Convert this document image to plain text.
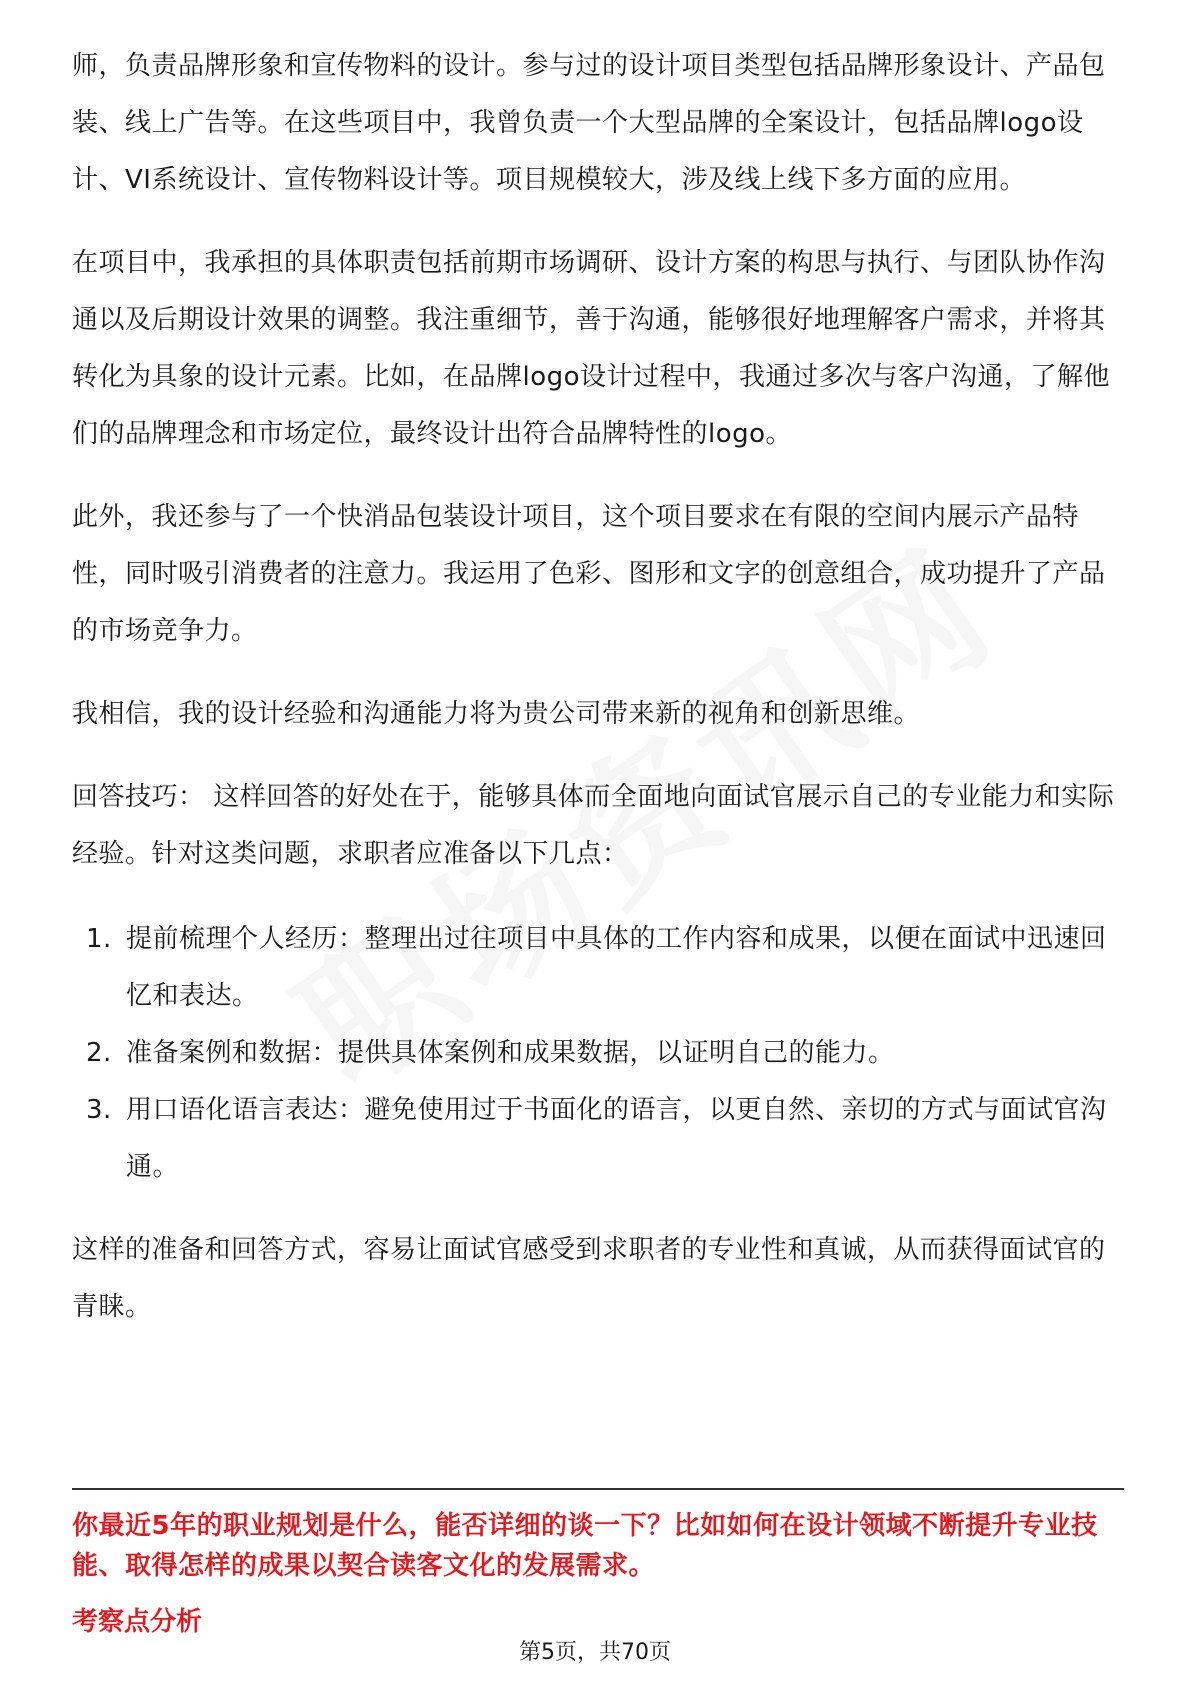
师，负责品牌形象和宣传物料的设计。参与过的设计项目类型包括品牌形象设计、产品包装、线上广告等。在这些项目中，我曾负责一个大型品牌的全案设计，包括品牌logo设计、VI系统设计、宣传物料设计等。项目规模较大，涉及线上线下多方面的应用。

在项目中，我承担的具体职责包括前期市场调研、设计方案的构思与执行、与团队协作沟通以及后期设计效果的调整。我注重细节，善于沟通，能够很好地理解客户需求，并将其转化为具象的设计元素。比如，在品牌logo设计过程中，我通过多次与客户沟通，了解他们的品牌理念和市场定位，最终设计出符合品牌特性的logo。

此外，我还参与了一个快消品包装设计项目，这个项目要求在有限的空间内展示产品特性，同时吸引消费者的注意力。我运用了色彩、图形和文字的创意组合，成功提升了产品的市场竞争力。

我相信，我的设计经验和沟通能力将为贵公司带来新的视角和创新思维。

回答技巧： 这样回答的好处在于，能够具体而全面地向面试官展示自己的专业能力和实际经验。针对这类问题，求职者应准备以下几点：

1. 提前梳理个人经历：整理出过往项目中具体的工作内容和成果，以便在面试中迅速回忆和表达。
2. 准备案例和数据：提供具体案例和成果数据，以证明自己的能力。
3. 用口语化语言表达：避免使用过于书面化的语言，以更自然、亲切的方式与面试官沟通。

这样的准备和回答方式，容易让面试官感受到求职者的专业性和真诚，从而获得面试官的青睐。

你最近5年的职业规划是什么，能否详细的谈一下？比如如何在设计领域不断提升专业技能、取得怎样的成果以契合读客文化的发展需求。
考察点分析
第5页，共70页
